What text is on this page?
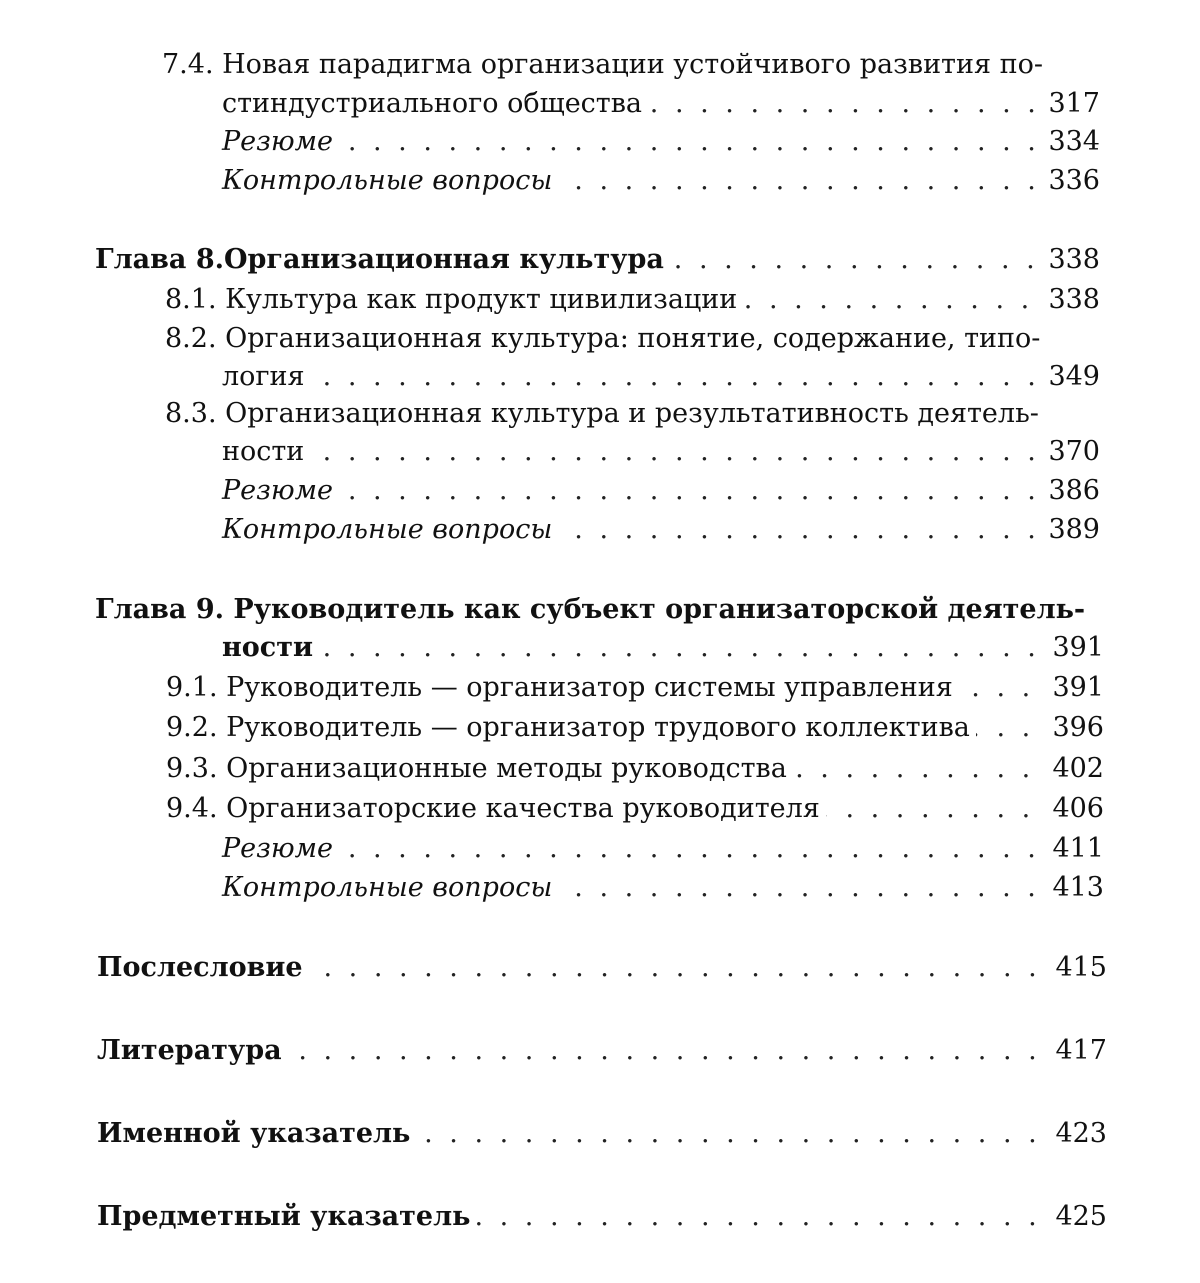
7.4. Новая парадигма организации устойчивого развития по-
. . .
стиндустриального общества	317
. . .
Резюме	334
. . .
Контрольные вопросы	336
. . .
Глава 8.Организационная культура	338
. . .
8.1. Культура как продукт цивилизации	338
8.2. Организационная культура: понятие, содержание, типо-
. . .
логия	349
8.3. Организационная культура и результативность деятель-
. . .
ности	370
. . .
Резюме	386
. . .
Контрольные вопросы	389
Глава 9. Руководитель как субъект организаторской деятель-
. . .
ности	391
. . .
9.1. Руководитель — организатор системы управления	391
. . .
9.2. Руководитель — организатор трудового коллектива	396
. . .
9.3. Организационные методы руководства	402
. . .
9.4. Организаторские качества руководителя	406
. . .
Резюме	411
. . .
Контрольные вопросы	413
. . .
Послесловие	415
. . .
Литература	417
. . .
Именной указатель	423
. . .
Предметный указатель	425
